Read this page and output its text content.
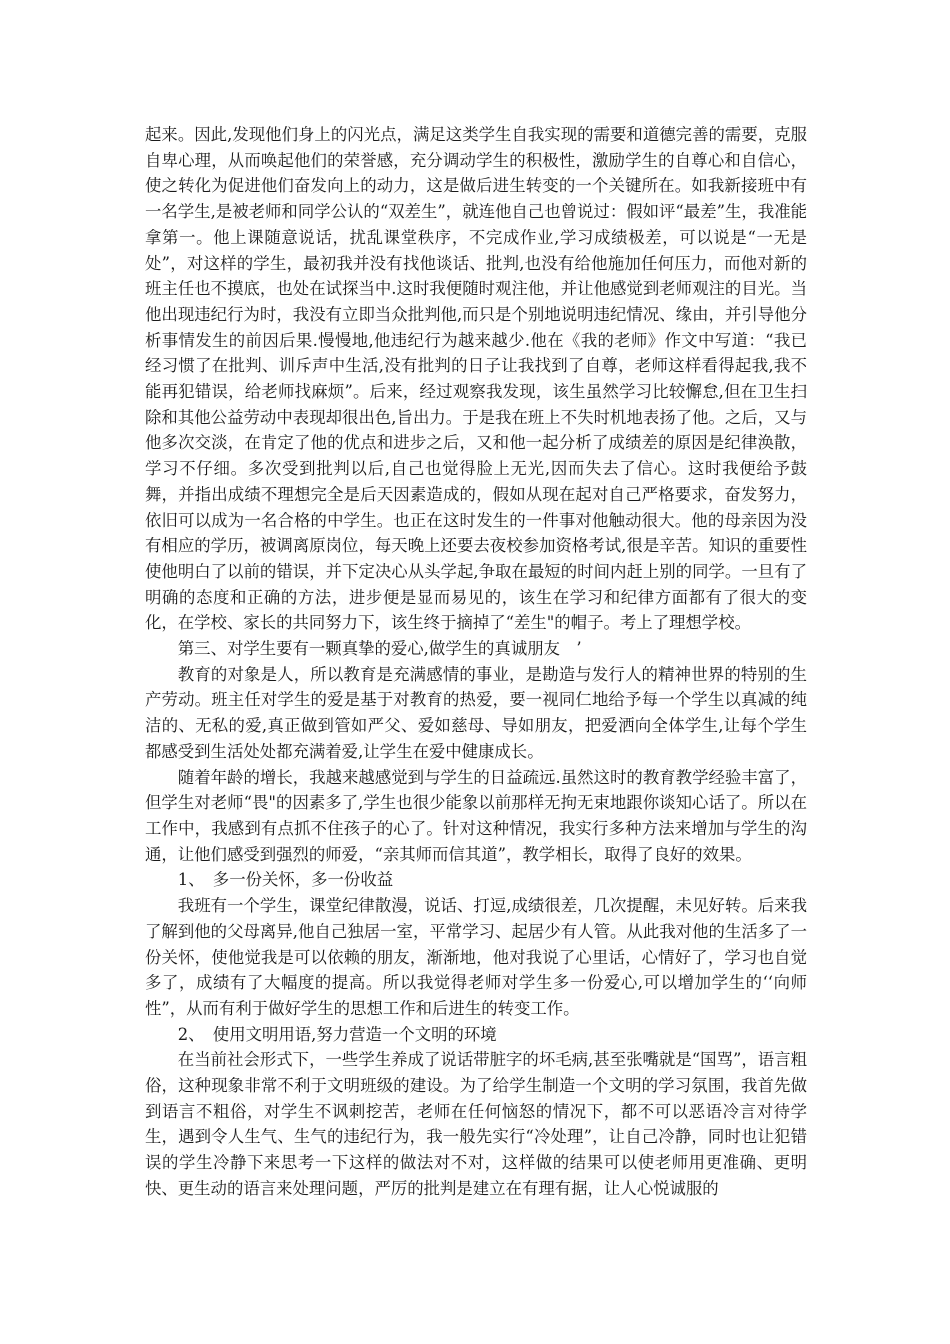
起来。因此,发现他们身上的闪光点，满足这类学生自我实现的需要和道德完善的需要，克服自卑心理，从而唤起他们的荣誉感，充分调动学生的积极性，激励学生的自尊心和自信心，使之转化为促进他们奋发向上的动力，这是做后进生转变的一个关键所在。如我新接班中有一名学生,是被老师和同学公认的“双差生”，就连他自己也曾说过：假如评“最差”生，我准能拿第一。他上课随意说话，扰乱课堂秩序，不完成作业,学习成绩极差，可以说是“一无是处”，对这样的学生，最初我并没有找他谈话、批判,也没有给他施加任何压力，而他对新的班主任也不摸底，也处在试探当中.这时我便随时观注他，并让他感觉到老师观注的目光。当他出现违纪行为时，我没有立即当众批判他,而只是个别地说明违纪情况、缘由，并引导他分析事情发生的前因后果.慢慢地,他违纪行为越来越少.他在《我的老师》作文中写道：“我已经习惯了在批判、训斥声中生活,没有批判的日子让我找到了自尊，老师这样看得起我,我不能再犯错误，给老师找麻烦”。后来，经过观察我发现，该生虽然学习比较懈怠,但在卫生扫除和其他公益劳动中表现却很出色,旨出力。于是我在班上不失时机地表扬了他。之后，又与他多次交淡，在肯定了他的优点和进步之后，又和他一起分析了成绩差的原因是纪律涣散，学习不仔细。多次受到批判以后,自己也觉得脸上无光,因而失去了信心。这时我便给予鼓舞，并指出成绩不理想完全是后天因素造成的，假如从现在起对自己严格要求，奋发努力，依旧可以成为一名合格的中学生。也正在这时发生的一件事对他触动很大。他的母亲因为没有相应的学历，被调离原岗位，每天晚上还要去夜校参加资格考试,很是辛苦。知识的重要性使他明白了以前的错误，并下定决心从头学起,争取在最短的时间内赶上别的同学。一旦有了明确的态度和正确的方法，进步便是显而易见的，该生在学习和纪律方面都有了很大的变化，在学校、家长的共同努力下，该生终于摘掉了“差生"的帽子。考上了理想学校。

第三、对学生要有一颗真挚的爱心,做学生的真诚朋友　’

教育的对象是人，所以教育是充满感情的事业，是勘造与发行人的精神世界的特别的生产劳动。班主任对学生的爱是基于对教育的热爱，要一视同仁地给予每一个学生以真减的纯洁的、无私的爱,真正做到管如严父、爱如慈母、导如朋友，把爱洒向全体学生,让每个学生都感受到生活处处都充满着爱,让学生在爱中健康成长。

随着年龄的增长，我越来越感觉到与学生的日益疏远.虽然这时的教育教学经验丰富了，但学生对老师“畏"的因素多了,学生也很少能象以前那样无拘无束地跟你谈知心话了。所以在工作中，我感到有点抓不住孩子的心了。针对这种情况，我实行多种方法来增加与学生的沟通，让他们感受到强烈的师爱，“亲其师而信其道”，教学相长，取得了良好的效果。

1、　多一份关怀，多一份收益

我班有一个学生，课堂纪律散漫，说话、打逗,成绩很差，几次提醒，未见好转。后来我了解到他的父母离异,他自己独居一室，平常学习、起居少有人管。从此我对他的生活多了一份关怀，使他觉我是可以依赖的朋友，渐渐地，他对我说了心里话，心情好了，学习也自觉多了，成绩有了大幅度的提高。所以我觉得老师对学生多一份爱心,可以增加学生的‘‘向师性”，从而有利于做好学生的思想工作和后进生的转变工作。

2、　使用文明用语,努力营造一个文明的环境

在当前社会形式下，一些学生养成了说话带脏字的坏毛病,甚至张嘴就是“国骂”，语言粗俗，这种现象非常不利于文明班级的建设。为了给学生制造一个文明的学习氛围，我首先做到语言不粗俗，对学生不讽刺挖苦，老师在任何恼怒的情况下，都不可以恶语冷言对待学生，遇到令人生气、生气的违纪行为，我一般先实行“冷处理”，让自己冷静，同时也让犯错误的学生冷静下来思考一下这样的做法对不对，这样做的结果可以使老师用更准确、更明快、更生动的语言来处理问题，严厉的批判是建立在有理有据，让人心悦诚服的
